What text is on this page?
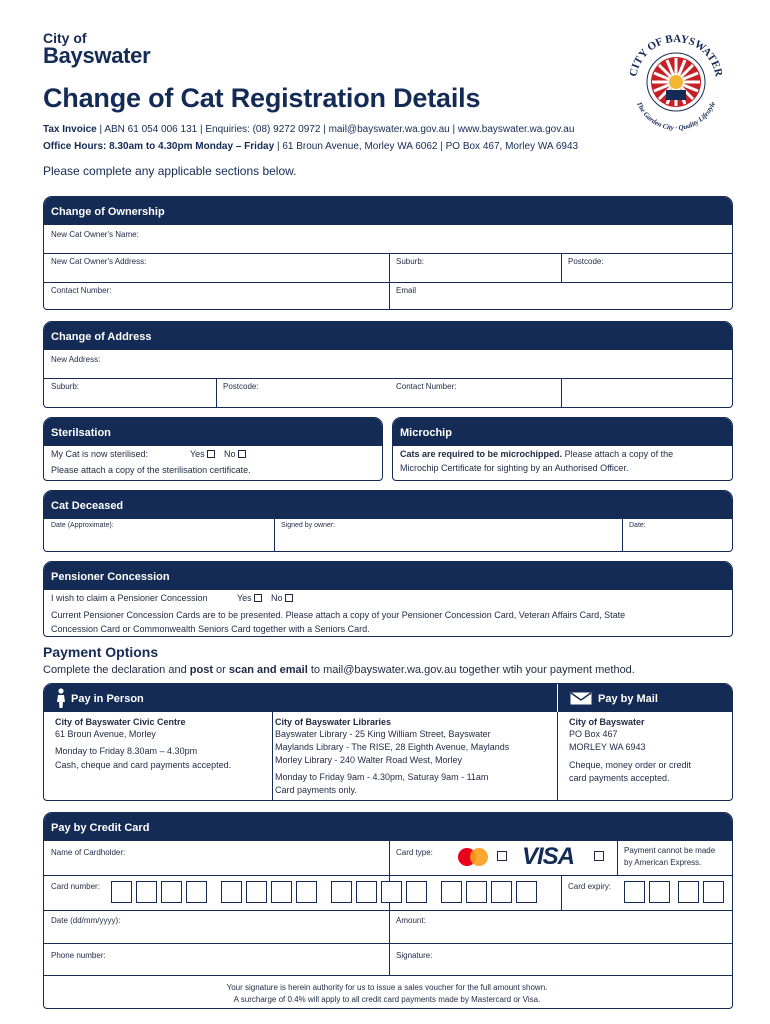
City of
Bayswater
CITY OF BAYSWATER
The Garden City · Quality Lifestyle
Change of Cat Registration Details
Tax Invoice | ABN 61 054 006 131 | Enquiries: (08) 9272 0972 | mail@bayswater.wa.gov.au | www.bayswater.wa.gov.au
Office Hours: 8.30am to 4.30pm Monday – Friday | 61 Broun Avenue, Morley WA 6062 | PO Box 467, Morley WA 6943
Please complete any applicable sections below.
Change of Ownership
New Cat Owner's Name:
New Cat Owner's Address:	Suburb:	Postcode:
Contact Number:	Email
Change of Address
New Address:
Suburb:	Postcode:	Contact Number:
Sterilsation
My Cat is now sterilised:	Yes	No
Please attach a copy of the sterilisation certificate.
Microchip
Cats are required to be microchipped. Please attach a copy of the
Microchip Certificate for sighting by an Authorised Officer.
Cat Deceased
Date (Approximate):	Signed by owner:	Date:
Pensioner Concession
I wish to claim a Pensioner Concession	Yes	No
Current Pensioner Concession Cards are to be presented. Please attach a copy of your Pensioner Concession Card, Veteran Affairs Card, State
Concession Card or Commonwealth Seniors Card together with a Seniors Card.
Payment Options
Complete the declaration and post or scan and email to mail@bayswater.wa.gov.au together wtih your payment method.
Pay in Person	Pay by Mail
City of Bayswater Civic Centre
61 Broun Avenue, Morley
Monday to Friday 8.30am – 4.30pm
Cash, cheque and card payments accepted.
City of Bayswater Libraries
Bayswater Library - 25 King William Street, Bayswater
Maylands Library - The RISE, 28 Eighth Avenue, Maylands
Morley Library - 240 Walter Road West, Morley
Monday to Friday 9am - 4.30pm, Saturay 9am - 11am
Card payments only.
City of Bayswater
PO Box 467
MORLEY WA 6943
Cheque, money order or credit
card payments accepted.
Pay by Credit Card
Name of Cardholder:	Card type:	VISA	Payment cannot be made
by American Express.
Card number:	Card expiry:
Date (dd/mm/yyyy):	Amount:
Phone number:	Signature:
Your signature is herein authority for us to issue a sales voucher for the full amount shown.
A surcharge of 0.4% will apply to all credit card payments made by Mastercard or Visa.
